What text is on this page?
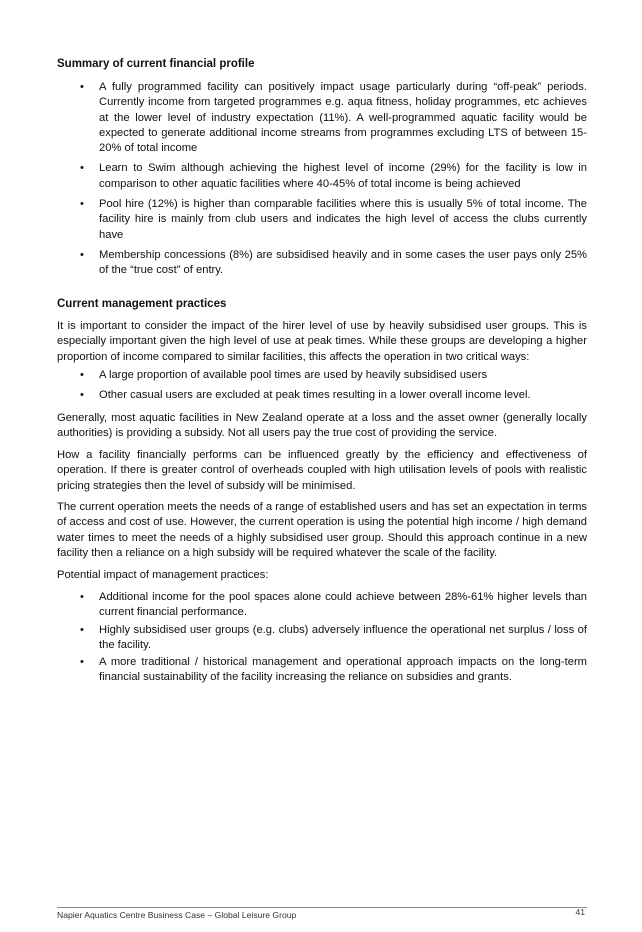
Summary of current financial profile
• A fully programmed facility can positively impact usage particularly during “off-peak” periods. Currently income from targeted programmes e.g. aqua fitness, holiday programmes, etc achieves at the lower level of industry expectation (11%). A well-programmed aquatic facility would be expected to generate additional income streams from programmes excluding LTS of between 15-20% of total income
• Learn to Swim although achieving the highest level of income (29%) for the facility is low in comparison to other aquatic facilities where 40-45% of total income is being achieved
• Pool hire (12%) is higher than comparable facilities where this is usually 5% of total income. The facility hire is mainly from club users and indicates the high level of access the clubs currently have
• Membership concessions (8%) are subsidised heavily and in some cases the user pays only 25% of the “true cost” of entry.
Current management practices
It is important to consider the impact of the hirer level of use by heavily subsidised user groups. This is especially important given the high level of use at peak times. While these groups are developing a higher proportion of income compared to similar facilities, this affects the operation in two critical ways:
• A large proportion of available pool times are used by heavily subsidised users
• Other casual users are excluded at peak times resulting in a lower overall income level.
Generally, most aquatic facilities in New Zealand operate at a loss and the asset owner (generally locally authorities) is providing a subsidy. Not all users pay the true cost of providing the service.
How a facility financially performs can be influenced greatly by the efficiency and effectiveness of operation. If there is greater control of overheads coupled with high utilisation levels of pools with realistic pricing strategies then the level of subsidy will be minimised.
The current operation meets the needs of a range of established users and has set an expectation in terms of access and cost of use. However, the current operation is using the potential high income / high demand water times to meet the needs of a highly subsidised user group. Should this approach continue in a new facility then a reliance on a high subsidy will be required whatever the scale of the facility.
Potential impact of management practices:
• Additional income for the pool spaces alone could achieve between 28%-61% higher levels than current financial performance.
• Highly subsidised user groups (e.g. clubs) adversely influence the operational net surplus / loss of the facility.
• A more traditional / historical management and operational approach impacts on the long-term financial sustainability of the facility increasing the reliance on subsidies and grants.
Napier Aquatics Centre Business Case – Global Leisure Group	41
